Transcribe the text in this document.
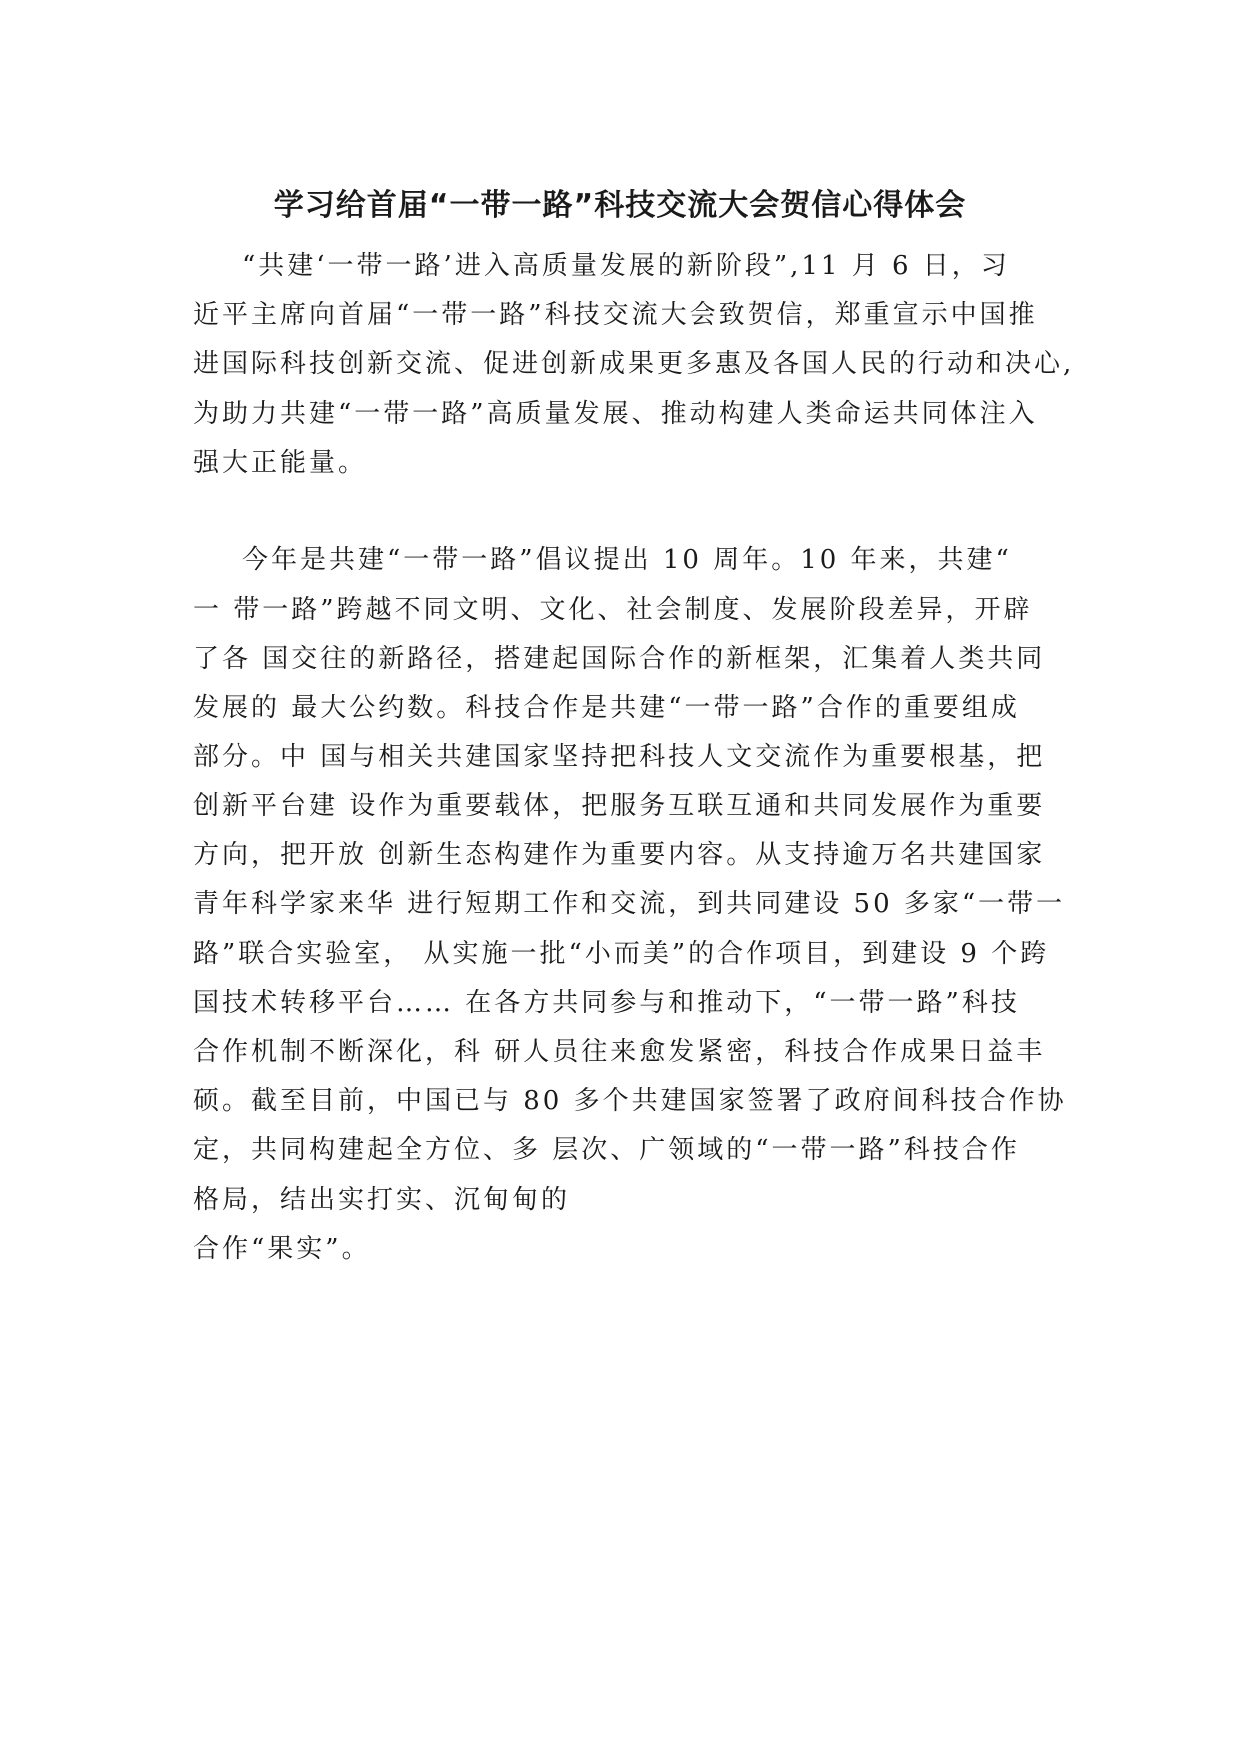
学习给首届“一带一路”科技交流大会贺信心得体会

“共建‘一带一路’进入高质量发展的新阶段”,11 月 6 日，习

近平主席向首届“一带一路”科技交流大会致贺信，郑重宣示中国推

进国际科技创新交流、促进创新成果更多惠及各国人民的行动和决心,

为助力共建“一带一路”高质量发展、推动构建人类命运共同体注入

强大正能量。

今年是共建“一带一路”倡议提出 10 周年。10 年来，共建“

一 带一路”跨越不同文明、文化、社会制度、发展阶段差异，开辟

了各 国交往的新路径，搭建起国际合作的新框架，汇集着人类共同

发展的 最大公约数。科技合作是共建“一带一路”合作的重要组成

部分。中 国与相关共建国家坚持把科技人文交流作为重要根基，把

创新平台建 设作为重要载体，把服务互联互通和共同发展作为重要

方向，把开放 创新生态构建作为重要内容。从支持逾万名共建国家

青年科学家来华 进行短期工作和交流，到共同建设 50 多家“一带一

路”联合实验室， 从实施一批“小而美”的合作项目，到建设 9 个跨

国技术转移平台…… 在各方共同参与和推动下，“一带一路”科技

合作机制不断深化，科 研人员往来愈发紧密，科技合作成果日益丰

硕。截至目前，中国已与 80 多个共建国家签署了政府间科技合作协

定，共同构建起全方位、多 层次、广领域的“一带一路”科技合作

格局，结出实打实、沉甸甸的

合作“果实”。
